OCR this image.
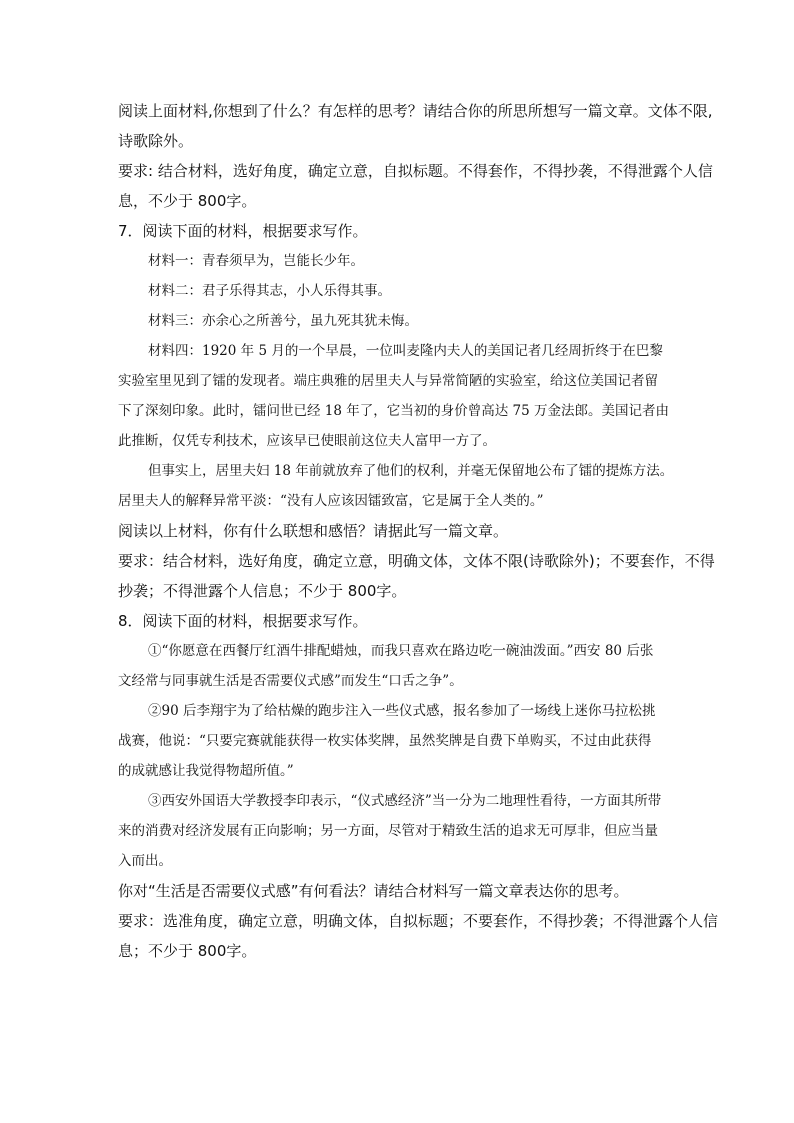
阅读上面材料,你想到了什么？有怎样的思考？请结合你的所思所想写一篇文章。文体不限,
诗歌除外。
要求: 结合材料，选好角度，确定立意，自拟标题。不得套作，不得抄袭，不得泄露个人信
息，不少于 800字。
7．阅读下面的材料，根据要求写作。
材料一：青春须早为，岂能长少年。
材料二：君子乐得其志，小人乐得其事。
材料三：亦余心之所善兮，虽九死其犹未悔。
材料四：1920 年 5 月的一个早晨，一位叫麦隆内夫人的美国记者几经周折终于在巴黎
实验室里见到了镭的发现者。端庄典雅的居里夫人与异常简陋的实验室，给这位美国记者留
下了深刻印象。此时，镭问世已经 18 年了，它当初的身价曾高达 75 万金法郎。美国记者由
此推断，仅凭专利技术，应该早已使眼前这位夫人富甲一方了。
但事实上，居里夫妇 18 年前就放弃了他们的权利，并毫无保留地公布了镭的提炼方法。
居里夫人的解释异常平淡：“没有人应该因镭致富，它是属于全人类的。”
阅读以上材料，你有什么联想和感悟？请据此写一篇文章。
要求：结合材料，选好角度，确定立意，明确文体，文体不限(诗歌除外)；不要套作，不得
抄袭；不得泄露个人信息；不少于 800字。
8．阅读下面的材料，根据要求写作。
①“你愿意在西餐厅红酒牛排配蜡烛，而我只喜欢在路边吃一碗油泼面。”西安 80 后张
文经常与同事就生活是否需要仪式感”而发生“口舌之争”。
②90 后李翔宇为了给枯燥的跑步注入一些仪式感，报名参加了一场线上迷你马拉松挑
战赛，他说：“只要完赛就能获得一枚实体奖牌，虽然奖牌是自费下单购买，不过由此获得
的成就感让我觉得物超所值。”
③西安外国语大学教授李印表示，“仪式感经济”当一分为二地理性看待，一方面其所带
来的消费对经济发展有正向影响；另一方面，尽管对于精致生活的追求无可厚非，但应当量
入而出。
你对“生活是否需要仪式感”有何看法？请结合材料写一篇文章表达你的思考。
要求：选准角度，确定立意，明确文体，自拟标题；不要套作，不得抄袭；不得泄露个人信
息；不少于 800字。
